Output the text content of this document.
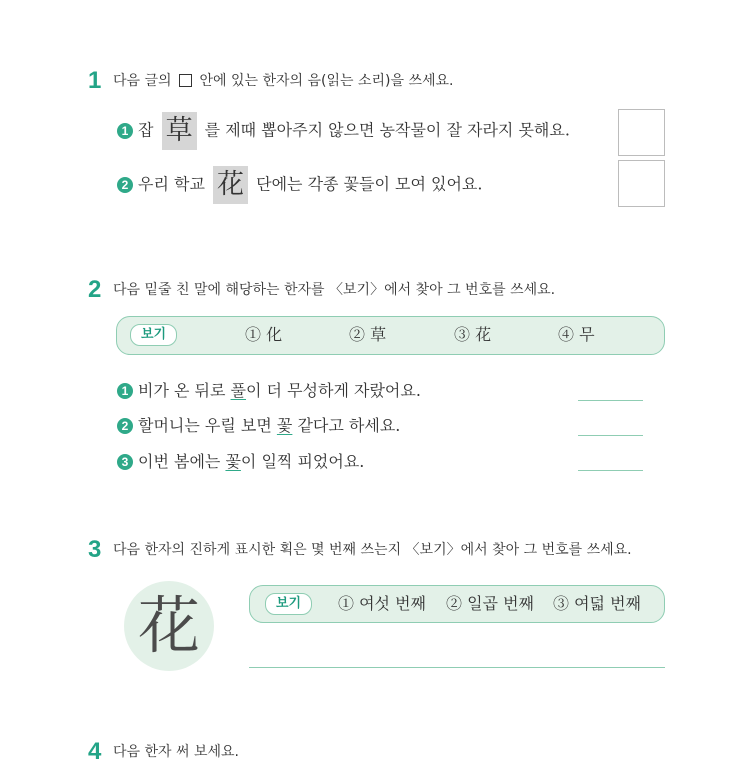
1 다음 글의 안에 있는 한자의 음(읽는 소리)을 쓰세요.
1 잡 草 를 제때 뽑아주지 않으면 농작물이 잘 자라지 못해요.
2 우리 학교 花 단에는 각종 꽃들이 모여 있어요.
2 다음 밑줄 친 말에 해당하는 한자를 〈보기〉에서 찾아 그 번호를 쓰세요.
보기	① 化	② 草	③ 花	④ 무
1 비가 온 뒤로 풀이 더 무성하게 자랐어요.
2 할머니는 우릴 보면 꽃 같다고 하세요.
3 이번 봄에는 꽃이 일찍 피었어요.
3 다음 한자의 진하게 표시한 획은 몇 번째 쓰는지 〈보기〉에서 찾아 그 번호를 쓰세요.
花	보기	① 여섯 번째 ② 일곱 번째 ③ 여덟 번째
4 다음 한자 써 보세요.
